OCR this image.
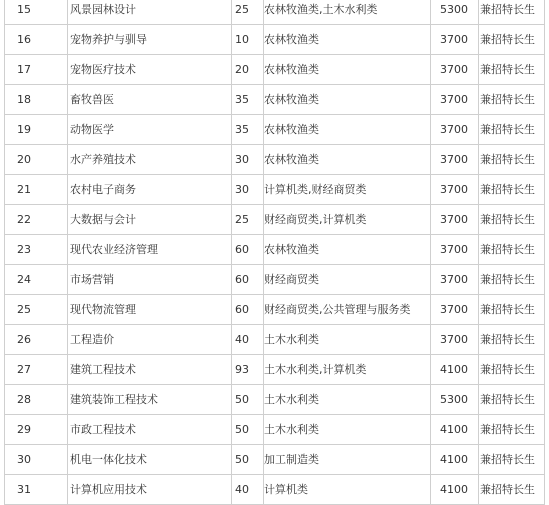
15	风景园林设计	25	农林牧渔类,土木水利类	5300	兼招特长生
16	宠物养护与驯导	10	农林牧渔类	3700	兼招特长生
17	宠物医疗技术	20	农林牧渔类	3700	兼招特长生
18	畜牧兽医	35	农林牧渔类	3700	兼招特长生
19	动物医学	35	农林牧渔类	3700	兼招特长生
20	水产养殖技术	30	农林牧渔类	3700	兼招特长生
21	农村电子商务	30	计算机类,财经商贸类	3700	兼招特长生
22	大数据与会计	25	财经商贸类,计算机类	3700	兼招特长生
23	现代农业经济管理	60	农林牧渔类	3700	兼招特长生
24	市场营销	60	财经商贸类	3700	兼招特长生
25	现代物流管理	60	财经商贸类,公共管理与服务类	3700	兼招特长生
26	工程造价	40	土木水利类	3700	兼招特长生
27	建筑工程技术	93	土木水利类,计算机类	4100	兼招特长生
28	建筑装饰工程技术	50	土木水利类	5300	兼招特长生
29	市政工程技术	50	土木水利类	4100	兼招特长生
30	机电一体化技术	50	加工制造类	4100	兼招特长生
31	计算机应用技术	40	计算机类	4100	兼招特长生
